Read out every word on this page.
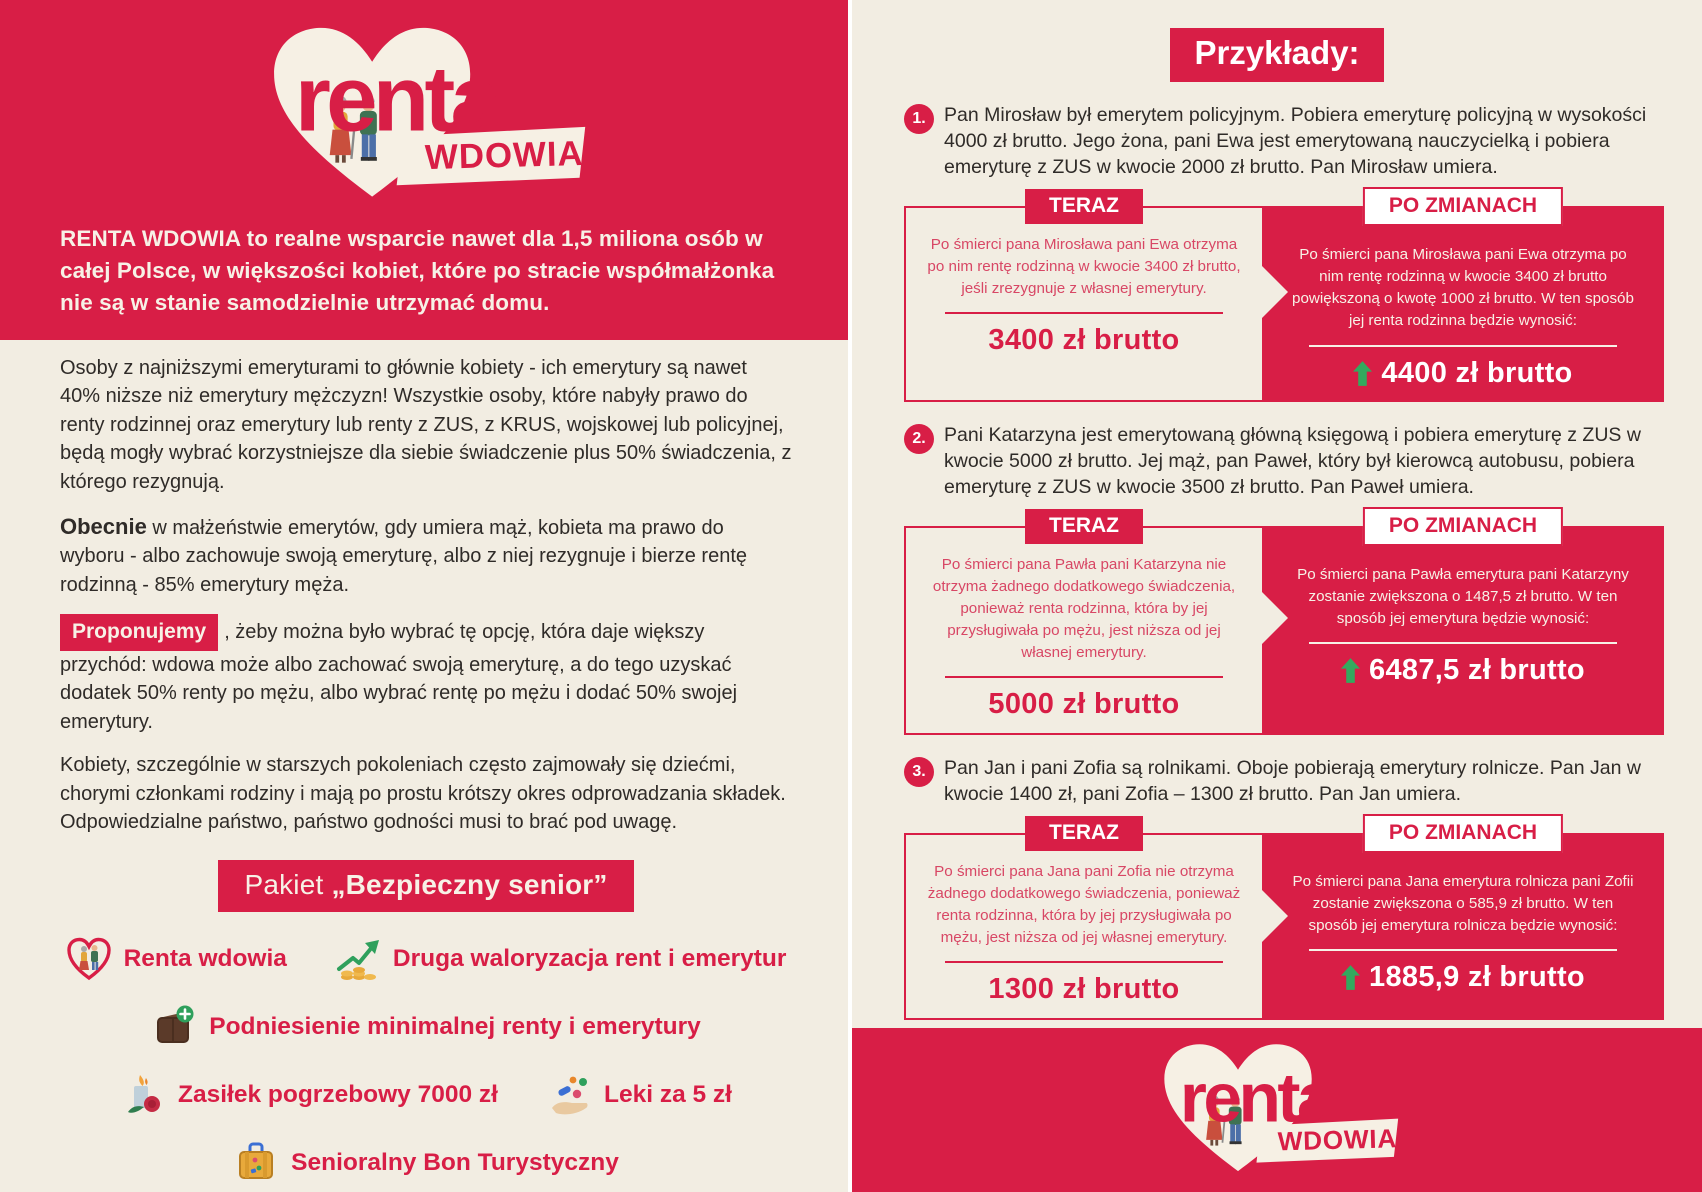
RENTA WDOWIA to realne wsparcie nawet dla 1,5 miliona osób w całej Polsce, w większości kobiet, które po stracie współmałżonka nie są w stanie samodzielnie utrzymać domu.

Osoby z najniższymi emeryturami to głównie kobiety - ich emerytury są nawet 40% niższe niż emerytury mężczyzn! Wszystkie osoby, które nabyły prawo do renty rodzinnej oraz emerytury lub renty z ZUS, z KRUS, wojskowej lub policyjnej, będą mogły wybrać korzystniejsze dla siebie świadczenie plus 50% świadczenia, z którego rezygnują.

Obecnie w małżeństwie emerytów, gdy umiera mąż, kobieta ma prawo do wyboru - albo zachowuje swoją emeryturę, albo z niej rezygnuje i bierze rentę rodzinną - 85% emerytury męża.

Proponujemy , żeby można było wybrać tę opcję, która daje większy przychód: wdowa może albo zachować swoją emeryturę, a do tego uzyskać dodatek 50% renty po mężu, albo wybrać rentę po mężu i dodać 50% swojej emerytury.

Kobiety, szczególnie w starszych pokoleniach często zajmowały się dziećmi, chorymi członkami rodziny i mają po prostu krótszy okres odprowadzania składek. Odpowiedzialne państwo, państwo godności musi to brać pod uwagę.

Pakiet „Bezpieczny senior”
Renta wdowia	Druga waloryzacja rent i emerytur
Podniesienie minimalnej renty i emerytury
Zasiłek pogrzebowy 7000 zł	Leki za 5 zł
Senioralny Bon Turystyczny
Przykłady:
1. Pan Mirosław był emerytem policyjnym. Pobiera emeryturę policyjną w wysokości 4000 zł brutto. Jego żona, pani Ewa jest emerytowaną nauczycielką i pobiera emeryturę z ZUS w kwocie 2000 zł brutto. Pan Mirosław umiera.

TERAZ

Po śmierci pana Mirosława pani Ewa otrzyma po nim rentę rodzinną w kwocie 3400 zł brutto, jeśli zrezygnuje z własnej emerytury.

3400 zł brutto
PO ZMIANACH

Po śmierci pana Mirosława pani Ewa otrzyma po nim rentę rodzinną w kwocie 3400 zł brutto powiększoną o kwotę 1000 zł brutto. W ten sposób jej renta rodzinna będzie wynosić:

4400 zł brutto
2. Pani Katarzyna jest emerytowaną główną księgową i pobiera emeryturę z ZUS w kwocie 5000 zł brutto. Jej mąż, pan Paweł, który był kierowcą autobusu, pobiera emeryturę z ZUS w kwocie 3500 zł brutto. Pan Paweł umiera.

TERAZ

Po śmierci pana Pawła pani Katarzyna nie otrzyma żadnego dodatkowego świadczenia, ponieważ renta rodzinna, która by jej przysługiwała po mężu, jest niższa od jej własnej emerytury.

5000 zł brutto
PO ZMIANACH

Po śmierci pana Pawła emerytura pani Katarzyny zostanie zwiększona o 1487,5 zł brutto. W ten sposób jej emerytura będzie wynosić:

6487,5 zł brutto
3. Pan Jan i pani Zofia są rolnikami. Oboje pobierają emerytury rolnicze. Pan Jan w kwocie 1400 zł, pani Zofia – 1300 zł brutto. Pan Jan umiera.

TERAZ

Po śmierci pana Jana pani Zofia nie otrzyma żadnego dodatkowego świadczenia, ponieważ renta rodzinna, która by jej przysługiwała po mężu, jest niższa od jej własnej emerytury.

1300 zł brutto
PO ZMIANACH

Po śmierci pana Jana emerytura rolnicza pani Zofii zostanie zwiększona o 585,9 zł brutto. W ten sposób jej emerytura rolnicza będzie wynosić:

1885,9 zł brutto
